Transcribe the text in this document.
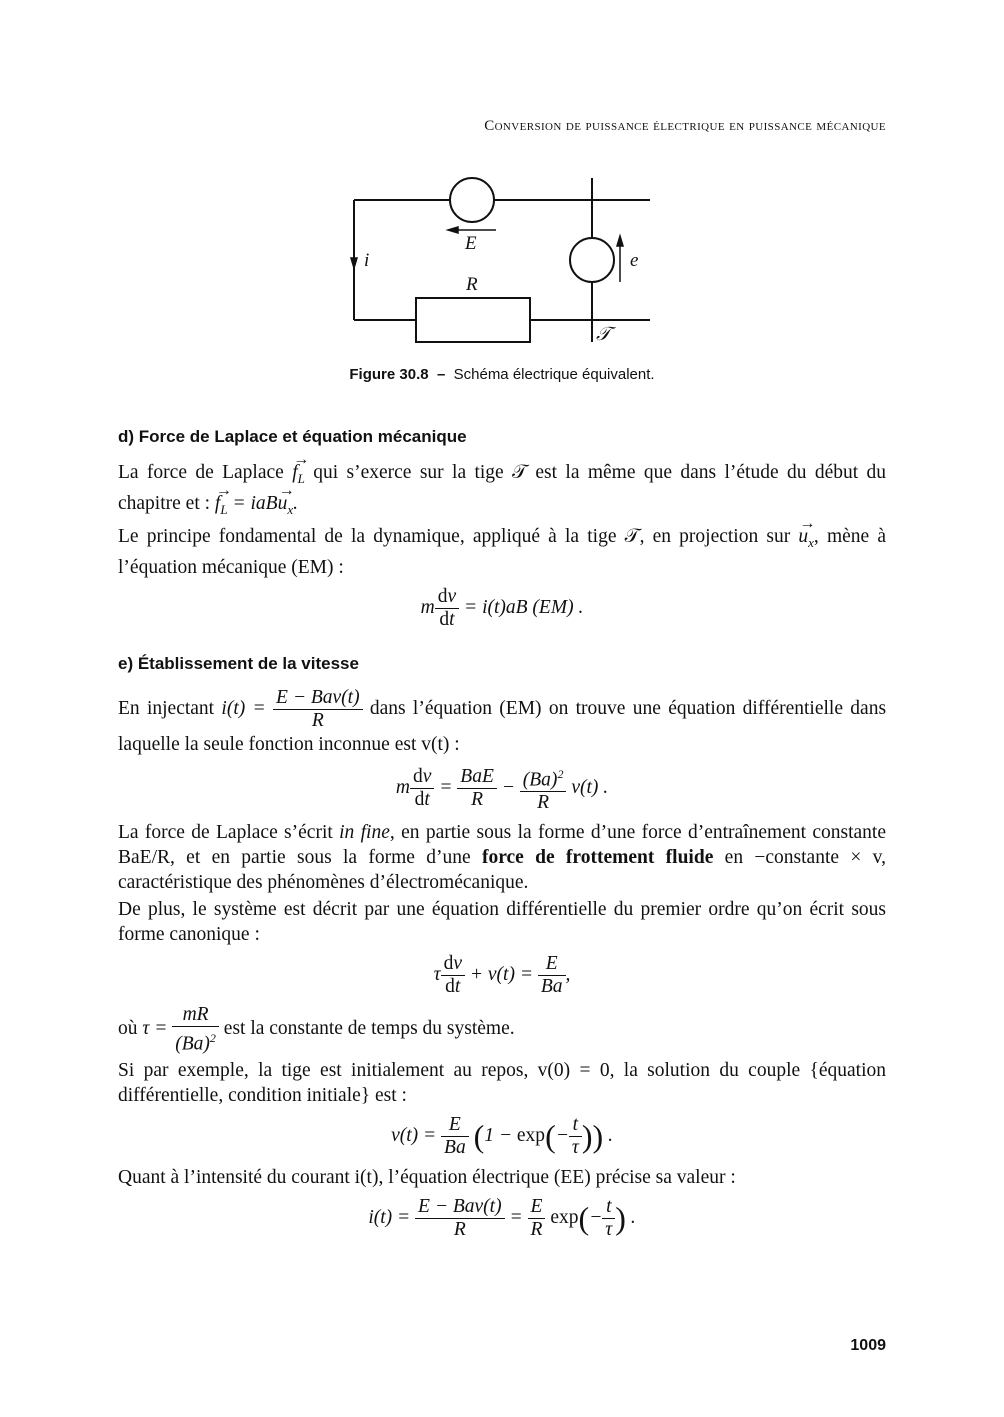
Conversion de puissance électrique en puissance mécanique
E
i	e
R
𝒯
Figure 30.8 – Schéma électrique équivalent.
d) Force de Laplace et équation mécanique

La force de Laplace → $f_L$ qui s’exerce sur la tige 𝒯 est la même que dans l’étude du début du chapitre et : → $f_L = iaB\to u_x$.

Le principe fondamental de la dynamique, appliqué à la tige 𝒯, en projection sur → $u_x$, mène à l’équation mécanique (EM) :

m $\frac{dv}{dt} = i(t)aB$ (EM) .
e) Établissement de la vitesse

En injectant $i(t) = \frac{\text{E − Bav(t)}}{R}$ dans l’équation (EM) on trouve une équation différentielle dans laquelle la seule fonction inconnue est v(t) :

m $\frac{dv}{dt} = \frac{\text{BaE}}{R} - \frac{(Ba)^2}{R} v(t)$ .

La force de Laplace s’écrit in fine, en partie sous la forme d’une force d’entraînement constante BaE/R, et en partie sous la forme d’une force de frottement fluide en −constante × v, caractéristique des phénomènes d’électromécanique.

De plus, le système est décrit par une équation différentielle du premier ordre qu’on écrit sous forme canonique :

τ $\frac{dv}{dt} + v(t) = \frac{E}{Ba}$ ,

où $\tau = \frac{mR}{(Ba)^2}$ est la constante de temps du système.

Si par exemple, la tige est initialement au repos, v(0) = 0, la solution du couple {équation différentielle, condition initiale} est :

$v(t) = \frac{E}{Ba} (1 - \exp(- \frac{t}{\tau}$ )) .

Quant à l’intensité du courant i(t), l’équation électrique (EE) précise sa valeur :

$i(t) = \frac{\text{E − Bav(t)}}{R} = \frac{E}{R} \exp(- \frac{t}{\tau}$ ) .
1009
